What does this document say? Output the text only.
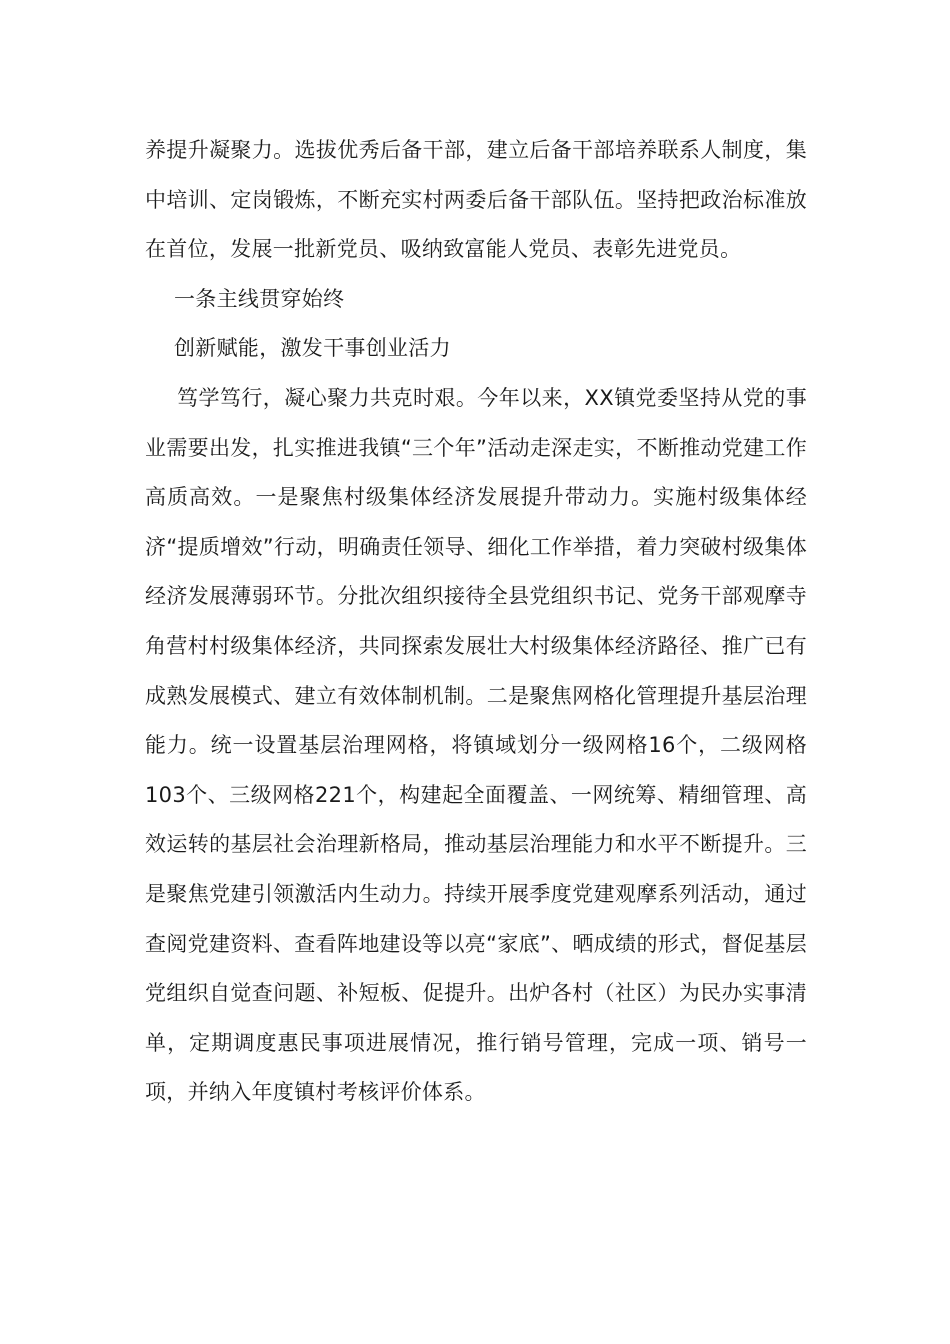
养提升凝聚力。选拔优秀后备干部，建立后备干部培养联系人制度，集中培训、定岗锻炼，不断充实村两委后备干部队伍。坚持把政治标准放在首位，发展一批新党员、吸纳致富能人党员、表彰先进党员。

一条主线贯穿始终

创新赋能，激发干事创业活力

笃学笃行，凝心聚力共克时艰。今年以来，XX镇党委坚持从党的事业需要出发，扎实推进我镇“三个年”活动走深走实，不断推动党建工作高质高效。一是聚焦村级集体经济发展提升带动力。实施村级集体经济“提质增效”行动，明确责任领导、细化工作举措，着力突破村级集体经济发展薄弱环节。分批次组织接待全县党组织书记、党务干部观摩寺角营村村级集体经济，共同探索发展壮大村级集体经济路径、推广已有成熟发展模式、建立有效体制机制。二是聚焦网格化管理提升基层治理能力。统一设置基层治理网格，将镇域划分一级网格16个，二级网格103个、三级网格221个，构建起全面覆盖、一网统筹、精细管理、高效运转的基层社会治理新格局，推动基层治理能力和水平不断提升。三是聚焦党建引领激活内生动力。持续开展季度党建观摩系列活动，通过查阅党建资料、查看阵地建设等以亮“家底”、晒成绩的形式，督促基层党组织自觉查问题、补短板、促提升。出炉各村（社区）为民办实事清单，定期调度惠民事项进展情况，推行销号管理，完成一项、销号一项，并纳入年度镇村考核评价体系。
